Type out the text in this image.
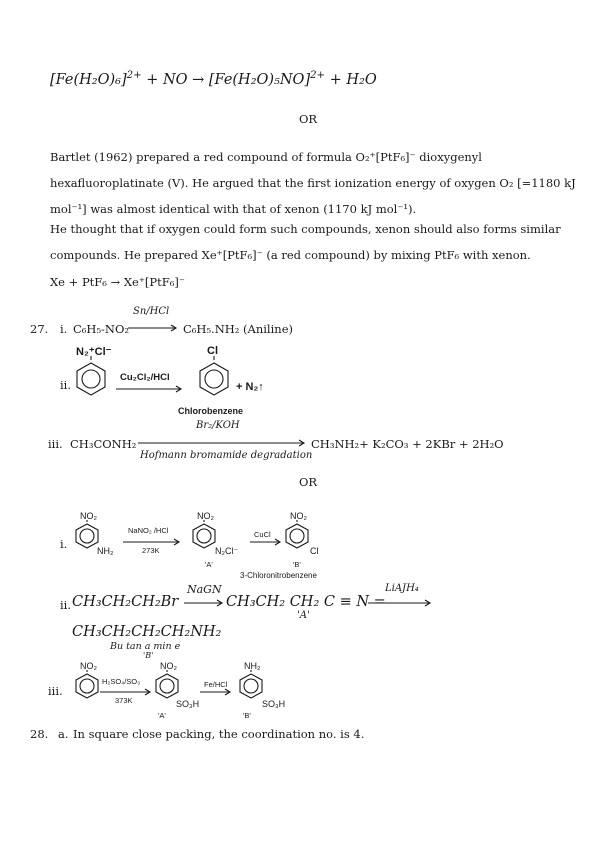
$[Fe(H_2O)_6]^{2+}$ + NO → $[Fe(H_2O)_5NO]^{2+} + H_2O$
OR
Bartlet (1962) prepared a red compound of formula O₂⁺[PtF₆]⁻ dioxygenyl
hexafluoroplatinate (V). He argued that the first ionization energy of oxygen O₂ [=1180 kJ
mol⁻¹] was almost identical with that of xenon (1170 kJ mol⁻¹).
He thought that if oxygen could form such compounds, xenon should also forms similar
compounds. He prepared Xe⁺[PtF₆]⁻ (a red compound) by mixing PtF₆ with xenon.
Xe + PtF₆ → Xe⁺[PtF₆]⁻
27. i. C₆H₅-NO₂
Sn/HCl
C₆H₅.NH₂ (Aniline)
ii.
N₂⁺Cl⁻
Cu₂Cl₂/HCl
Cl
+ N₂↑
Chlorobenzene
iii. CH₃CONH₂
Br₂/KOH
Hofmann bromamide degradation
CH₃NH₂+ K₂CO₃ + 2KBr + 2H₂O
OR
i.
NO₂
NH₂
NaNO₂ /HCl
273K
NO₂
N₂Cl⁻
'A'
CuCl
NO₂
Cl
'B'
3-Chloronitrobenzene
ii. CH₃CH₂CH₂Br
NaGN
CH₃CH₂ CH₂ C ≡ N =
'A'
LiAJH₄
CH₃CH₂CH₂CH₂NH₂
Bu tan a min e
'B'
iii.
NO₂
H₂SO₄/SO₃
373K
NO₂
SO₃H
'A'
Fe/HCl
NH₂
SO₃H
'B'
28. a. In square close packing, the coordination no. is 4.
